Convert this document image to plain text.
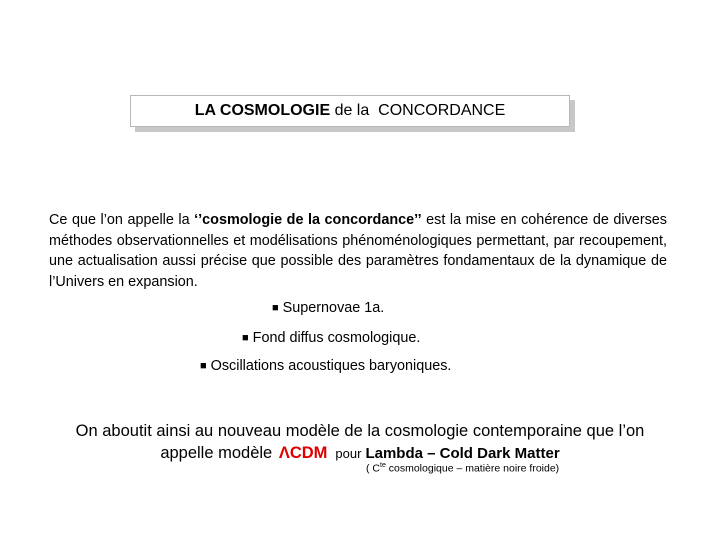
LA COSMOLOGIE de la CONCORDANCE

Ce que l’on appelle la ‘’cosmologie de la concordance’’ est la mise en cohérence de diverses méthodes observationnelles et modélisations phénoménologiques permettant, par recoupement, une actualisation aussi précise que possible des paramètres fondamentaux de la dynamique de l’Univers en expansion.

■ Supernovae 1a.
■ Fond diffus cosmologique.
■ Oscillations acoustiques baryoniques.
On aboutit ainsi au nouveau modèle de la cosmologie contemporaine que l’on
appelle modèle ΛCDM pour Lambda – Cold Dark Matter
( $C^{te}$ cosmologique – matière noire froide)
